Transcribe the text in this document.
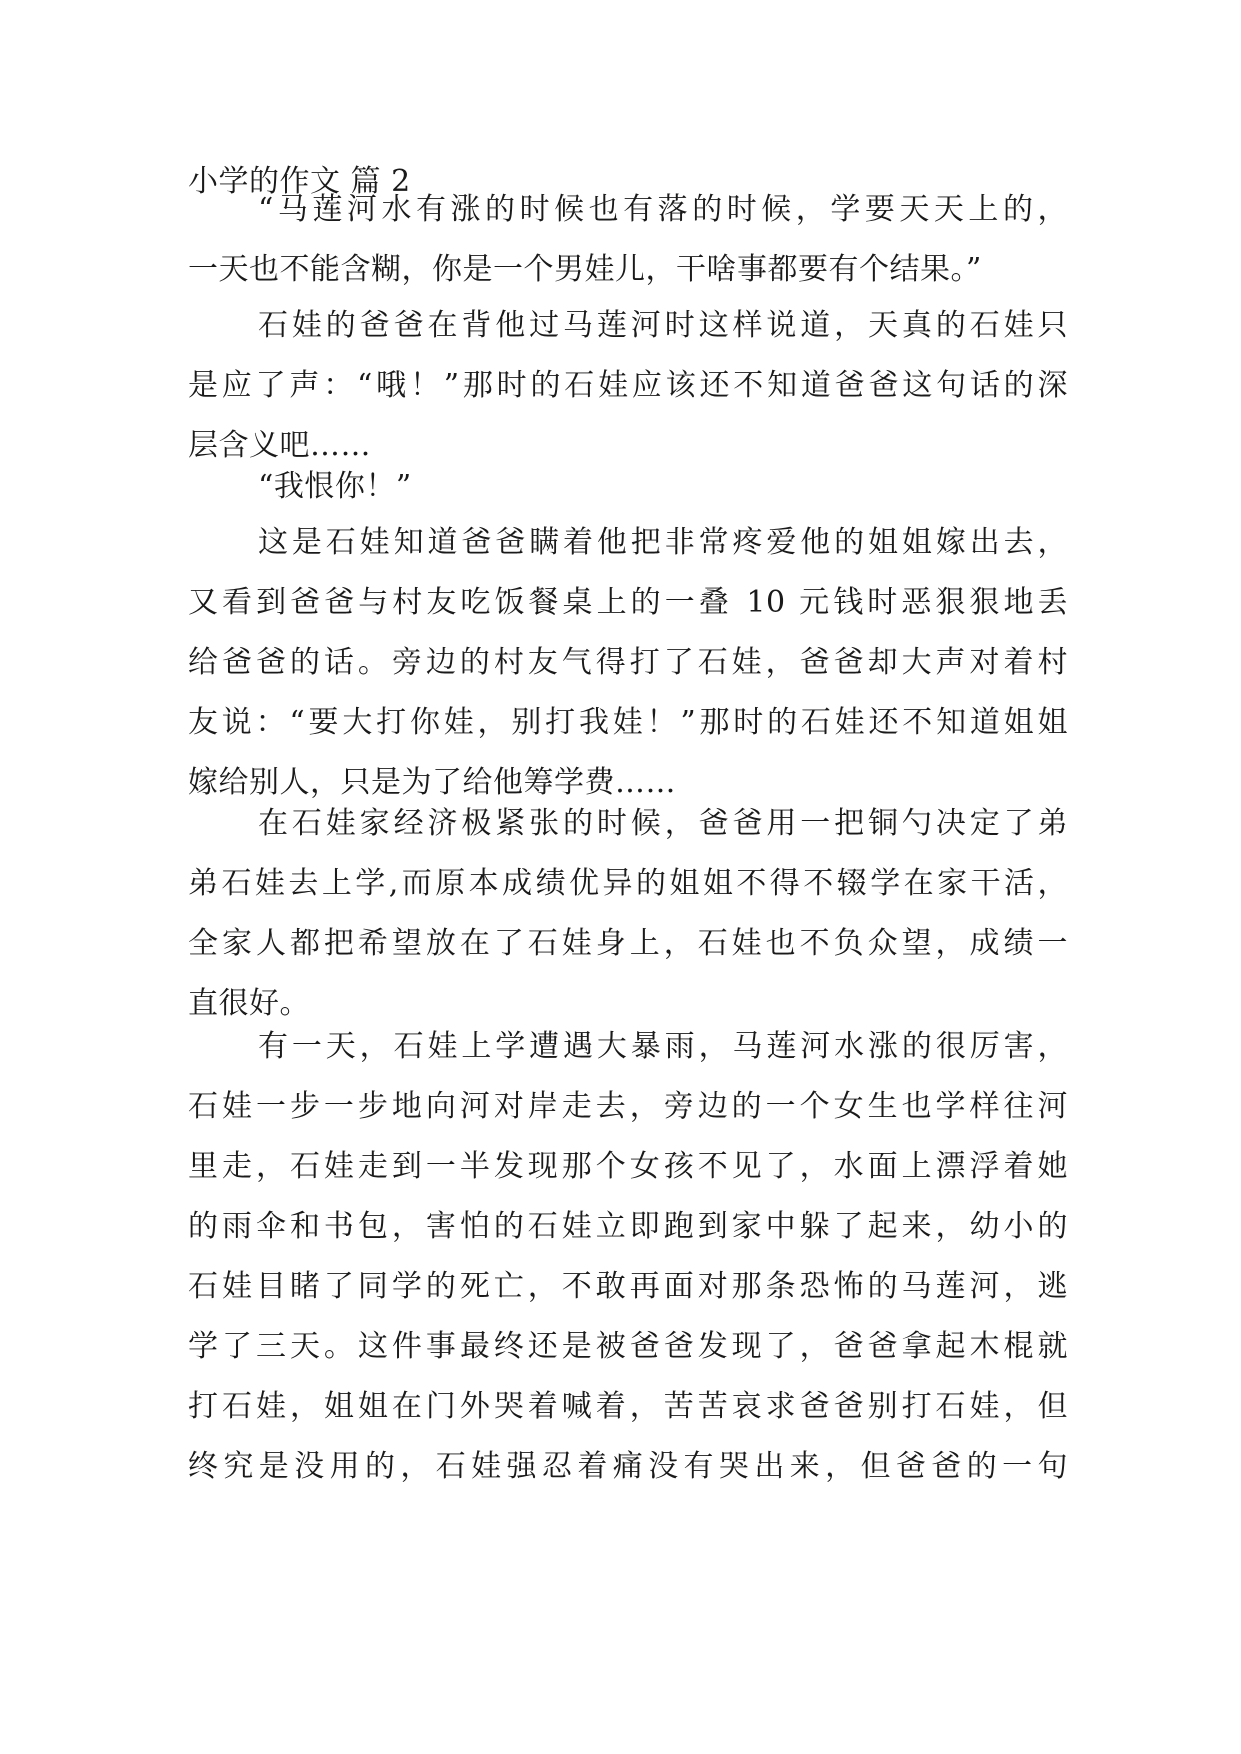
小学的作文 篇 2
“马莲河水有涨的时候也有落的时候，学要天天上的，
一天也不能含糊，你是一个男娃儿，干啥事都要有个结果。”
石娃的爸爸在背他过马莲河时这样说道，天真的石娃只
是应了声：“哦！”那时的石娃应该还不知道爸爸这句话的深
层含义吧……
“我恨你！”
这是石娃知道爸爸瞒着他把非常疼爱他的姐姐嫁出去，
又看到爸爸与村友吃饭餐桌上的一叠 10 元钱时恶狠狠地丢
给爸爸的话。旁边的村友气得打了石娃，爸爸却大声对着村
友说：“要大打你娃，别打我娃！”那时的石娃还不知道姐姐
嫁给别人，只是为了给他筹学费……
在石娃家经济极紧张的时候，爸爸用一把铜勺决定了弟
弟石娃去上学,而原本成绩优异的姐姐不得不辍学在家干活，
全家人都把希望放在了石娃身上，石娃也不负众望，成绩一
直很好。
有一天，石娃上学遭遇大暴雨，马莲河水涨的很厉害，
石娃一步一步地向河对岸走去，旁边的一个女生也学样往河
里走，石娃走到一半发现那个女孩不见了，水面上漂浮着她
的雨伞和书包，害怕的石娃立即跑到家中躲了起来，幼小的
石娃目睹了同学的死亡，不敢再面对那条恐怖的马莲河，逃
学了三天。这件事最终还是被爸爸发现了，爸爸拿起木棍就
打石娃，姐姐在门外哭着喊着，苦苦哀求爸爸别打石娃，但
终究是没用的，石娃强忍着痛没有哭出来，但爸爸的一句
